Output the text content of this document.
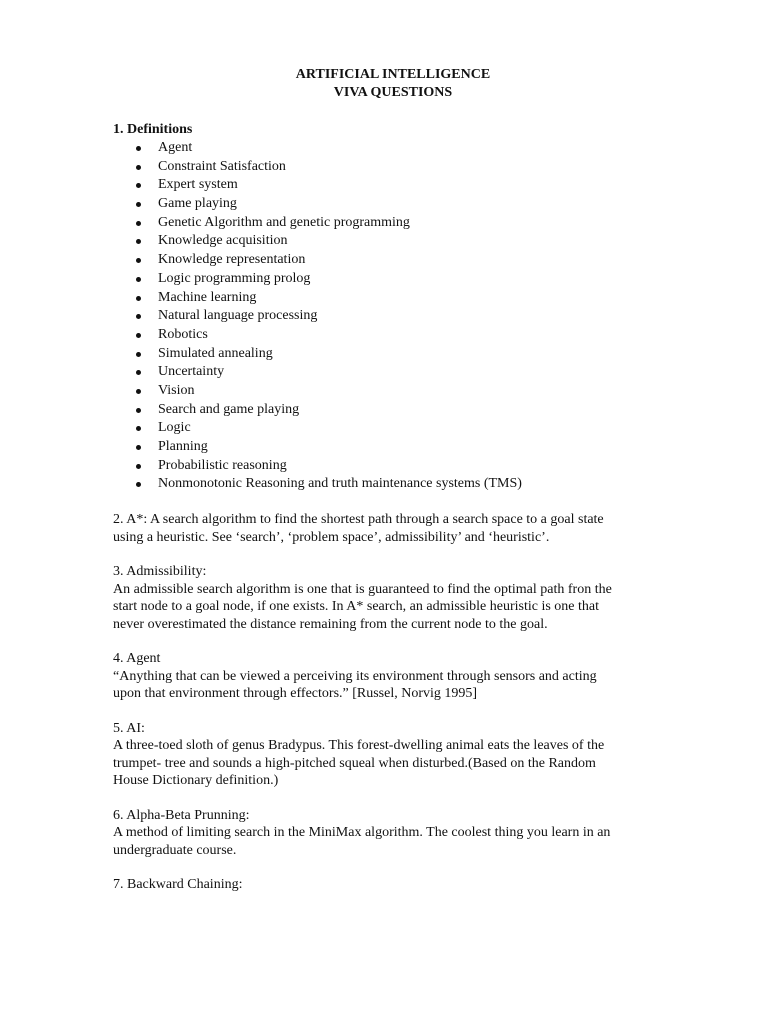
ARTIFICIAL INTELLIGENCE
VIVA QUESTIONS
1. Definitions
Agent
Constraint Satisfaction
Expert system
Game playing
Genetic Algorithm and genetic programming
Knowledge acquisition
Knowledge representation
Logic programming prolog
Machine learning
Natural language processing
Robotics
Simulated annealing
Uncertainty
Vision
Search and game playing
Logic
Planning
Probabilistic reasoning
Nonmonotonic Reasoning and truth maintenance systems (TMS)
2. A*: A search algorithm to find the shortest path through a search space to a goal state
using a heuristic. See ‘search’, ‘problem space’, admissibility’ and ‘heuristic’.
3. Admissibility:
An admissible search algorithm is one that is guaranteed to find the optimal path fron the
start node to a goal node, if one exists. In A* search, an admissible heuristic is one that
never overestimated the distance remaining from the current node to the goal.
4. Agent
“Anything that can be viewed a perceiving its environment through sensors and acting
upon that environment through effectors.” [Russel, Norvig 1995]
5. AI:
A three-toed sloth of genus Bradypus. This forest-dwelling animal eats the leaves of the
trumpet- tree and sounds a high-pitched squeal when disturbed.(Based on the Random
House Dictionary definition.)
6. Alpha-Beta Prunning:
A method of limiting search in the MiniMax algorithm. The coolest thing you learn in an
undergraduate course.
7. Backward Chaining:
